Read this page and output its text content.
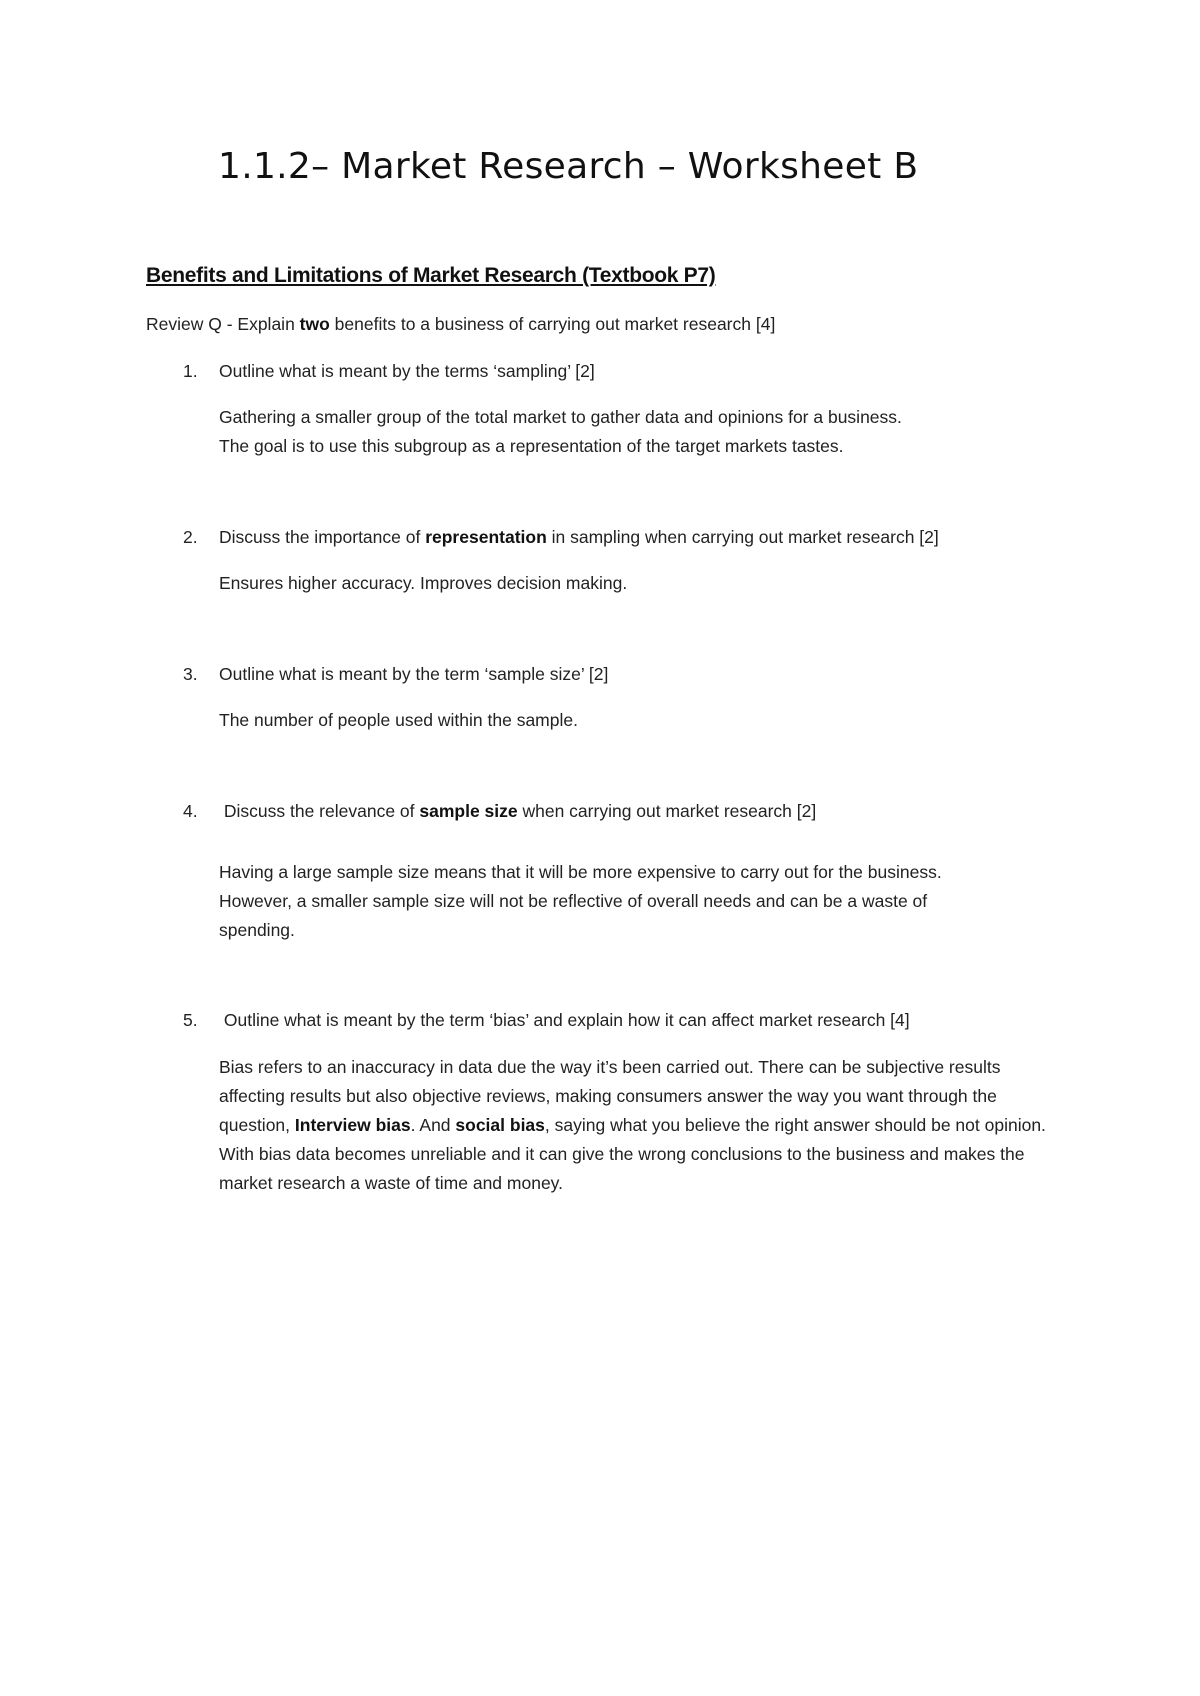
1.1.2– Market Research – Worksheet B
Benefits and Limitations of Market Research (Textbook P7)
Review Q - Explain two benefits to a business of carrying out market research [4]
1. Outline what is meant by the terms ‘sampling’ [2]
Gathering a smaller group of the total market to gather data and opinions for a business.
The goal is to use this subgroup as a representation of the target markets tastes.
2. Discuss the importance of representation in sampling when carrying out market research [2]
Ensures higher accuracy. Improves decision making.
3. Outline what is meant by the term ‘sample size’ [2]
The number of people used within the sample.
4. Discuss the relevance of sample size when carrying out market research [2]
Having a large sample size means that it will be more expensive to carry out for the business.
However, a smaller sample size will not be reflective of overall needs and can be a waste of
spending.
5. Outline what is meant by the term ‘bias’ and explain how it can affect market research [4]
Bias refers to an inaccuracy in data due the way it’s been carried out. There can be subjective results affecting results but also objective reviews, making consumers answer the way you want through the question, Interview bias. And social bias, saying what you believe the right answer should be not opinion. With bias data becomes unreliable and it can give the wrong conclusions to the business and makes the market research a waste of time and money.
